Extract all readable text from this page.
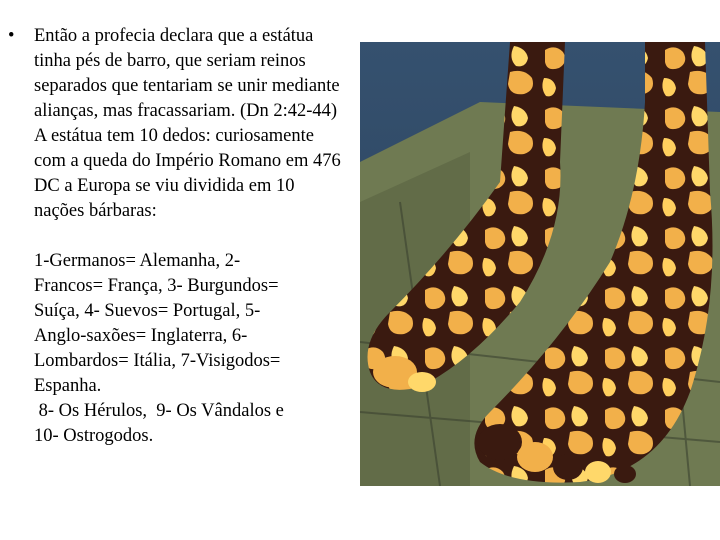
•	Então a profecia declara que a estátua tinha pés de barro, que seriam reinos separados que tentariam se unir mediante alianças, mas fracassariam. (Dn 2:42-44) A estátua tem 10 dedos: curiosamente com a queda do Império Romano em 476 DC a Europa se viu dividida em 10 nações bárbaras:
1-Germanos= Alemanha, 2-
Francos= França, 3- Burgundos=
Suíça, 4- Suevos= Portugal, 5-
Anglo-saxões= Inglaterra, 6-
Lombardos= Itália, 7-Visigodos=
Espanha.
8- Os Hérulos,  9- Os Vândalos e
10- Ostrogodos.
